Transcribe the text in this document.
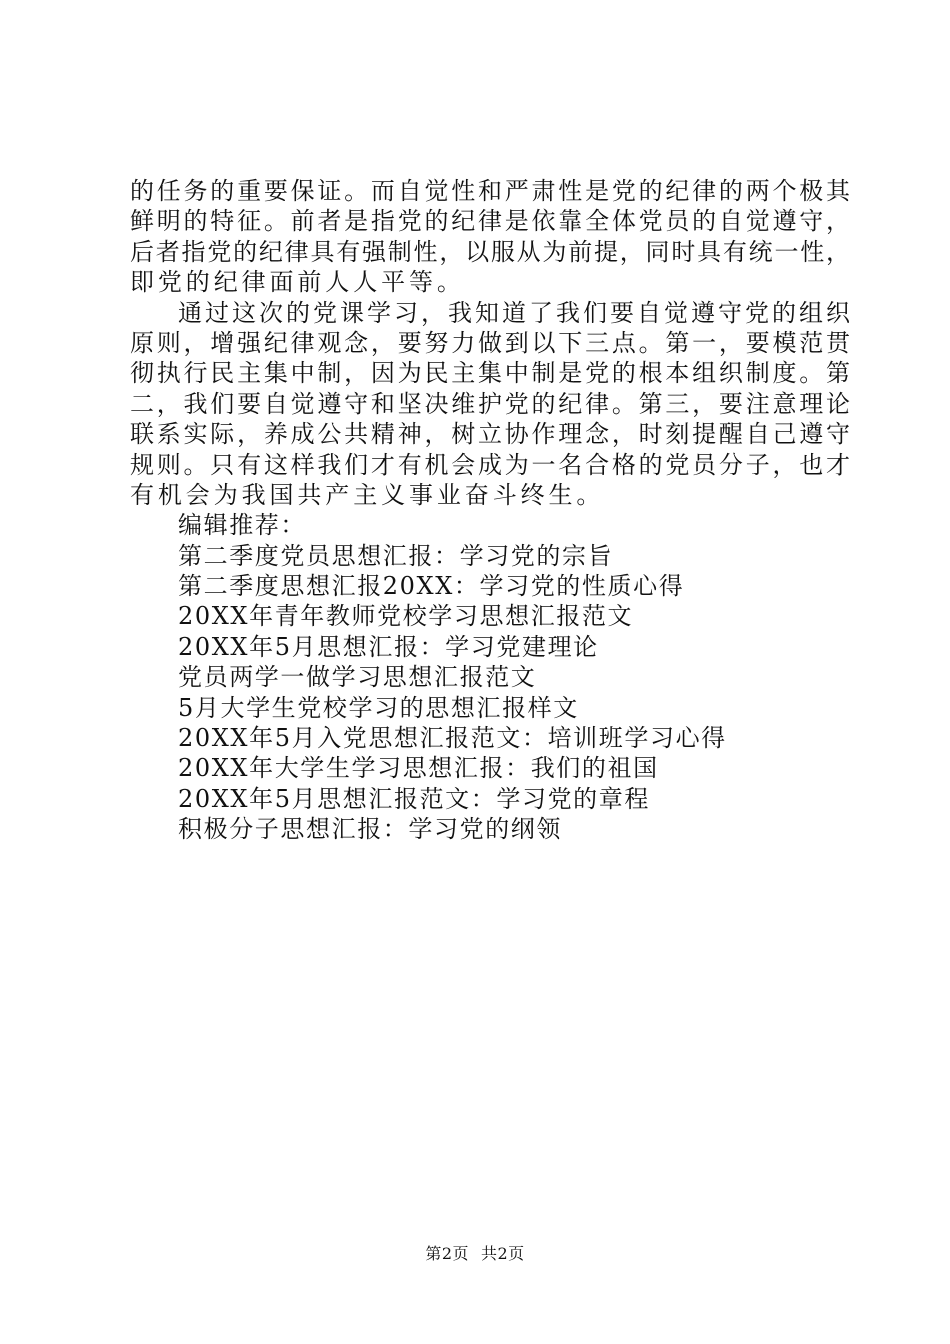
的任务的重要保证。而自觉性和严肃性是党的纪律的两个极其
鲜明的特征。前者是指党的纪律是依靠全体党员的自觉遵守，
后者指党的纪律具有强制性，以服从为前提，同时具有统一性，
即党的纪律面前人人平等。
通过这次的党课学习，我知道了我们要自觉遵守党的组织
原则，增强纪律观念，要努力做到以下三点。第一，要模范贯
彻执行民主集中制，因为民主集中制是党的根本组织制度。第
二，我们要自觉遵守和坚决维护党的纪律。第三，要注意理论
联系实际，养成公共精神，树立协作理念，时刻提醒自己遵守
规则。只有这样我们才有机会成为一名合格的党员分子，也才
有机会为我国共产主义事业奋斗终生。
编辑推荐：
第二季度党员思想汇报：学习党的宗旨
第二季度思想汇报20XX：学习党的性质心得
20XX年青年教师党校学习思想汇报范文
20XX年5月思想汇报：学习党建理论
党员两学一做学习思想汇报范文
5月大学生党校学习的思想汇报样文
20XX年5月入党思想汇报范文：培训班学习心得
20XX年大学生学习思想汇报：我们的祖国
20XX年5月思想汇报范文：学习党的章程
积极分子思想汇报：学习党的纲领
第2页 共2页
